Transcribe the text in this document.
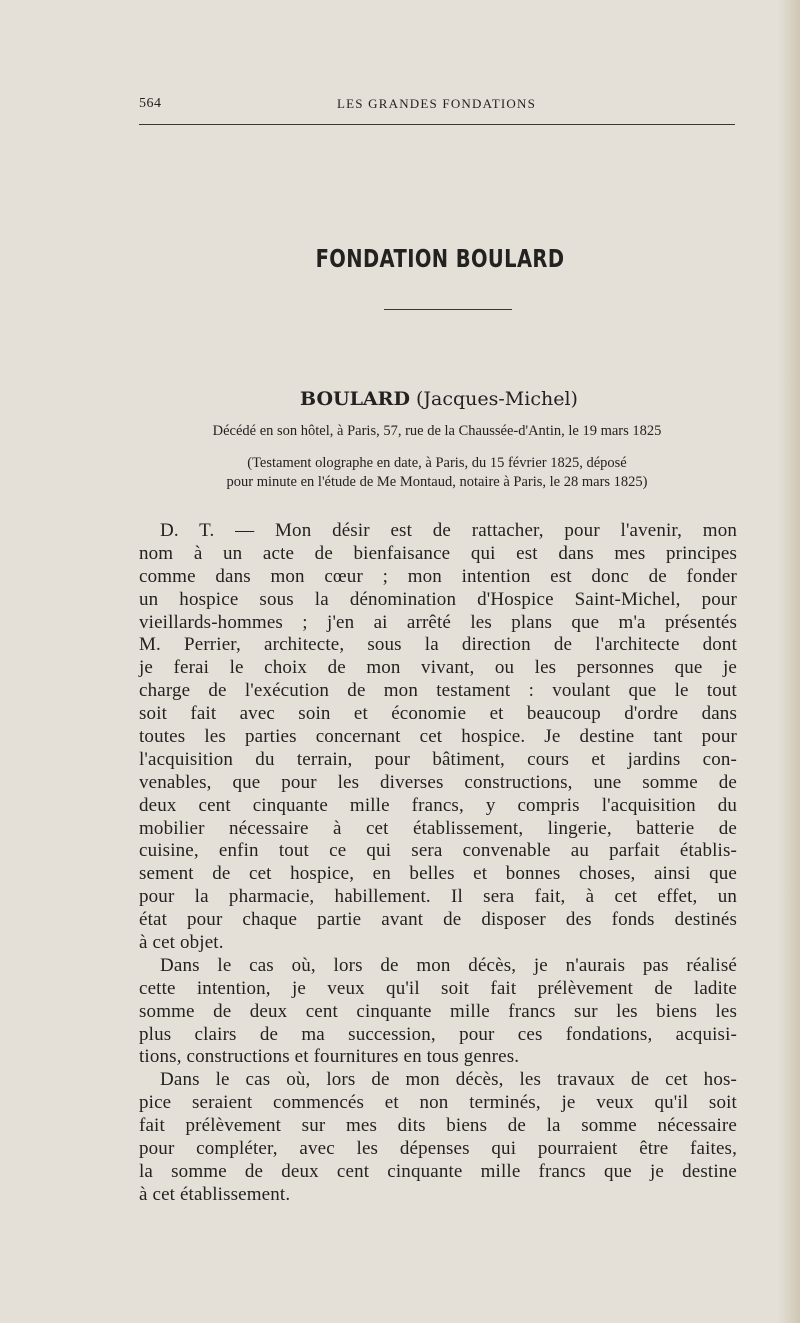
564	LES GRANDES FONDATIONS
FONDATION BOULARD
BOULARD (Jacques-Michel)
Décédé en son hôtel, à Paris, 57, rue de la Chaussée-d'Antin, le 19 mars 1825
(Testament olographe en date, à Paris, du 15 février 1825, déposé
pour minute en l'étude de Me Montaud, notaire à Paris, le 28 mars 1825)
D. T. — Mon désir est de rattacher, pour l'avenir, mon
nom à un acte de bienfaisance qui est dans mes principes
comme dans mon cœur ; mon intention est donc de fonder
un hospice sous la dénomination d'Hospice Saint-Michel, pour
vieillards-hommes ; j'en ai arrêté les plans que m'a présentés
M. Perrier, architecte, sous la direction de l'architecte dont
je ferai le choix de mon vivant, ou les personnes que je
charge de l'exécution de mon testament : voulant que le tout
soit fait avec soin et économie et beaucoup d'ordre dans
toutes les parties concernant cet hospice. Je destine tant pour
l'acquisition du terrain, pour bâtiment, cours et jardins con-
venables, que pour les diverses constructions, une somme de
deux cent cinquante mille francs, y compris l'acquisition du
mobilier nécessaire à cet établissement, lingerie, batterie de
cuisine, enfin tout ce qui sera convenable au parfait établis-
sement de cet hospice, en belles et bonnes choses, ainsi que
pour la pharmacie, habillement. Il sera fait, à cet effet, un
état pour chaque partie avant de disposer des fonds destinés
à cet objet.
Dans le cas où, lors de mon décès, je n'aurais pas réalisé
cette intention, je veux qu'il soit fait prélèvement de ladite
somme de deux cent cinquante mille francs sur les biens les
plus clairs de ma succession, pour ces fondations, acquisi-
tions, constructions et fournitures en tous genres.
Dans le cas où, lors de mon décès, les travaux de cet hos-
pice seraient commencés et non terminés, je veux qu'il soit
fait prélèvement sur mes dits biens de la somme nécessaire
pour compléter, avec les dépenses qui pourraient être faites,
la somme de deux cent cinquante mille francs que je destine
à cet établissement.
